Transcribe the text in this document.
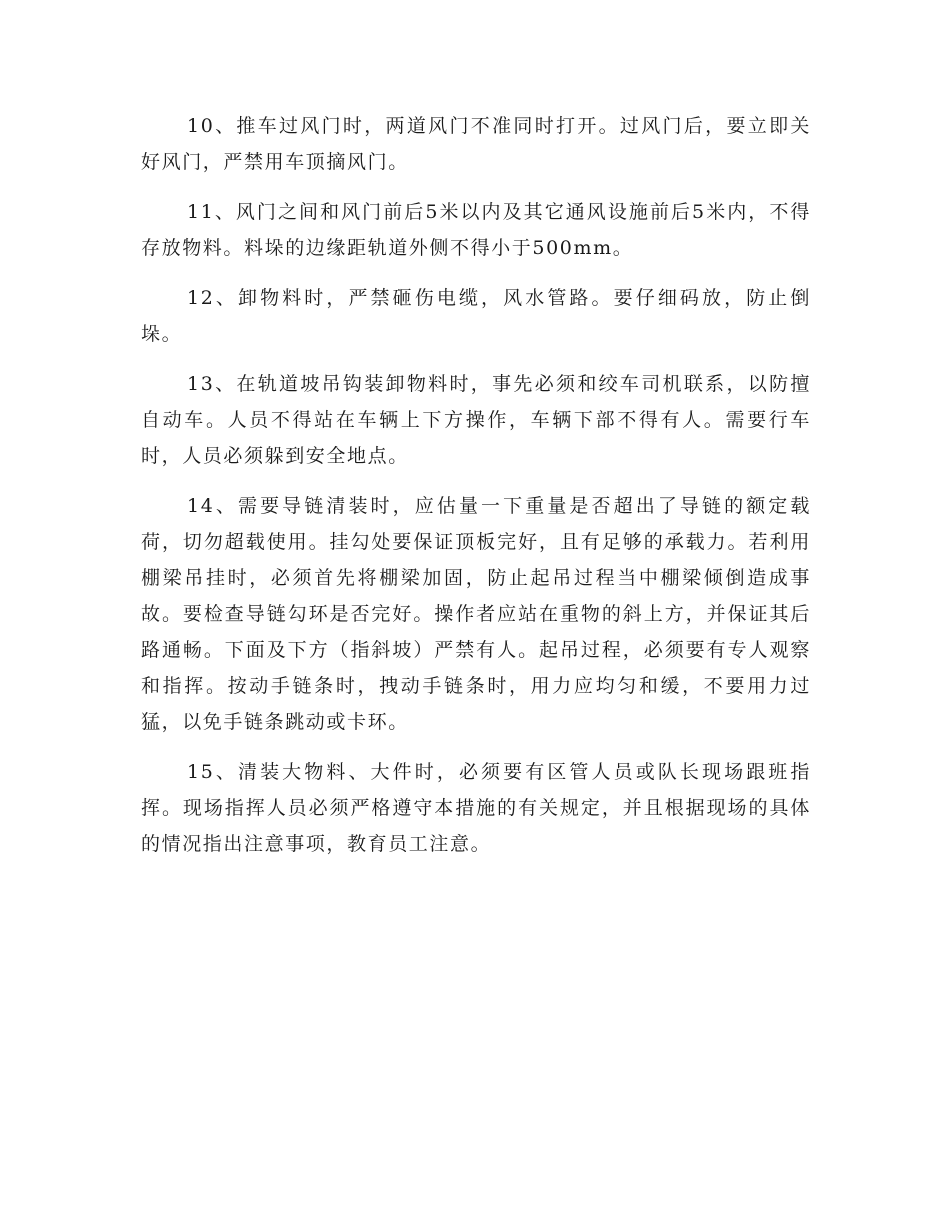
10、推车过风门时，两道风门不准同时打开。过风门后，要立即关好风门，严禁用车顶摘风门。

11、风门之间和风门前后5米以内及其它通风设施前后5米内，不得存放物料。料垛的边缘距轨道外侧不得小于500mm。

12、卸物料时，严禁砸伤电缆，风水管路。要仔细码放，防止倒垛。

13、在轨道坡吊钩装卸物料时，事先必须和绞车司机联系，以防擅自动车。人员不得站在车辆上下方操作，车辆下部不得有人。需要行车时，人员必须躲到安全地点。

14、需要导链清装时，应估量一下重量是否超出了导链的额定载荷，切勿超载使用。挂勾处要保证顶板完好，且有足够的承载力。若利用棚梁吊挂时，必须首先将棚梁加固，防止起吊过程当中棚梁倾倒造成事故。要检查导链勾环是否完好。操作者应站在重物的斜上方，并保证其后路通畅。下面及下方（指斜坡）严禁有人。起吊过程，必须要有专人观察和指挥。按动手链条时，拽动手链条时，用力应均匀和缓，不要用力过猛，以免手链条跳动或卡环。

15、清装大物料、大件时，必须要有区管人员或队长现场跟班指挥。现场指挥人员必须严格遵守本措施的有关规定，并且根据现场的具体的情况指出注意事项，教育员工注意。
